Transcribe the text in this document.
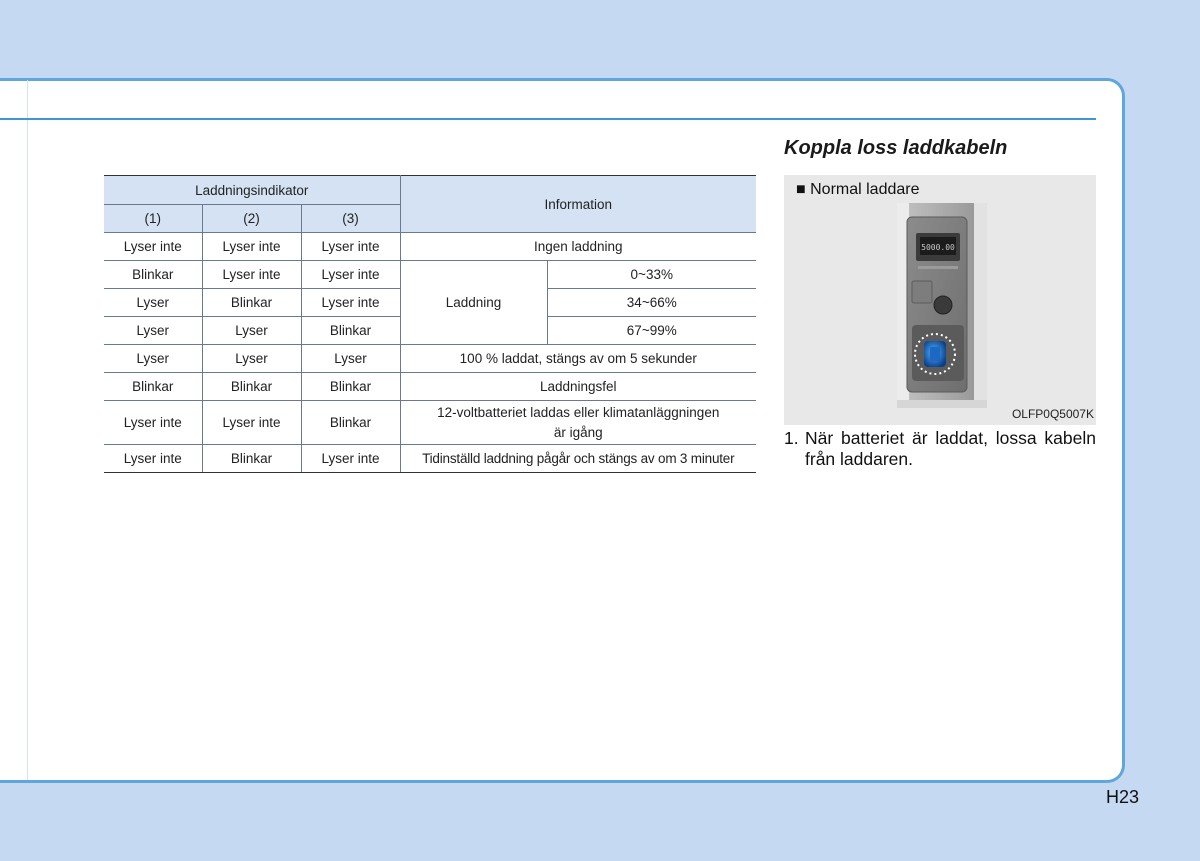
Laddningsindikator			Information	
(1)	(2)	(3)		
Lyser inte	Lyser inte	Lyser inte	Ingen laddning	
Blinkar	Lyser inte	Lyser inte	Laddning	0~33%
Lyser	Blinkar	Lyser inte		34~66%
Lyser	Lyser	Blinkar		67~99%
Lyser	Lyser	Lyser	100 % laddat, stängs av om 5 sekunder	
Blinkar	Blinkar	Blinkar	Laddningsfel	
Lyser inte	Lyser inte	Blinkar	12-voltbatteriet laddas eller klimatanläggningen
är igång	

Lyser inte	Blinkar	Lyser inte	Tidinställd laddning pågår och stängs av om 3 minuter	
Koppla loss laddkabeln
■ Normal laddare
5000.00
OLFP0Q5007K
1. När batteriet är laddat, lossa kabeln från laddaren.
H23
